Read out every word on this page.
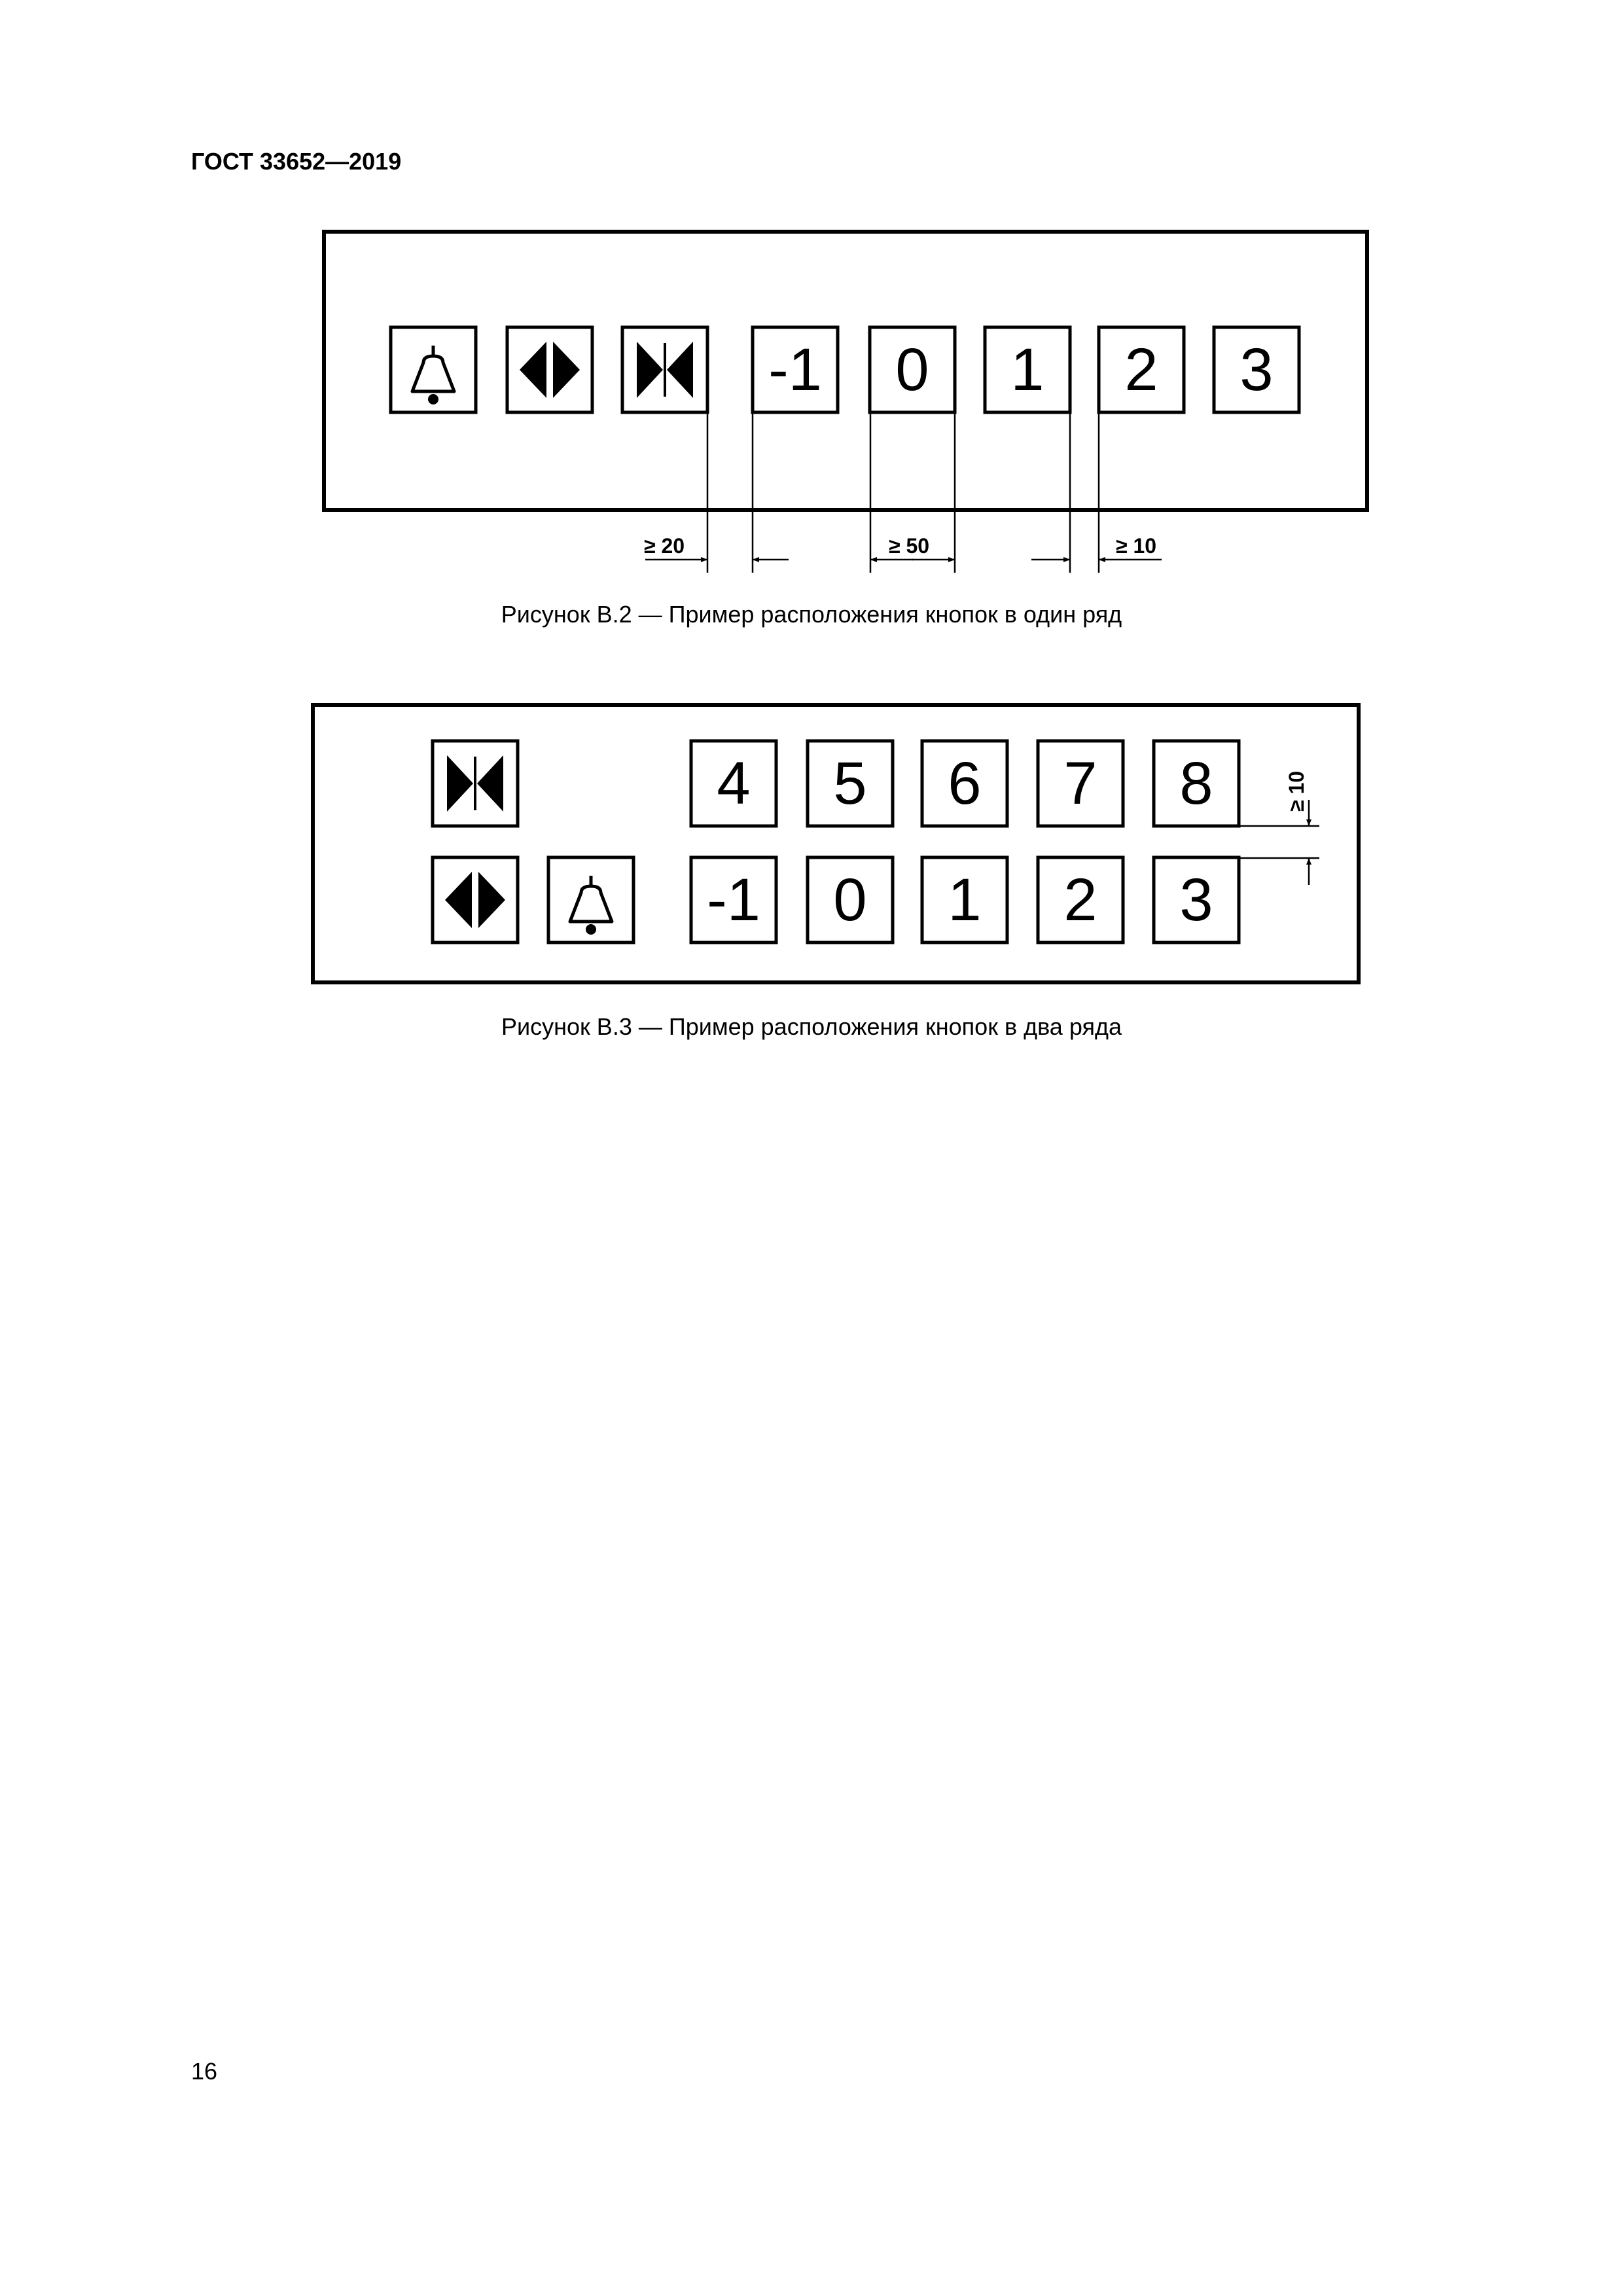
ГОСТ 33652—2019
-1 0 1 2 3
≥ 20	≥ 50	≥ 10
4 5 6 7 8
-1 0 1 2 3
≥ 10
Рисунок В.2 — Пример расположения кнопок в один ряд
Рисунок В.3 — Пример расположения кнопок в два ряда
16
